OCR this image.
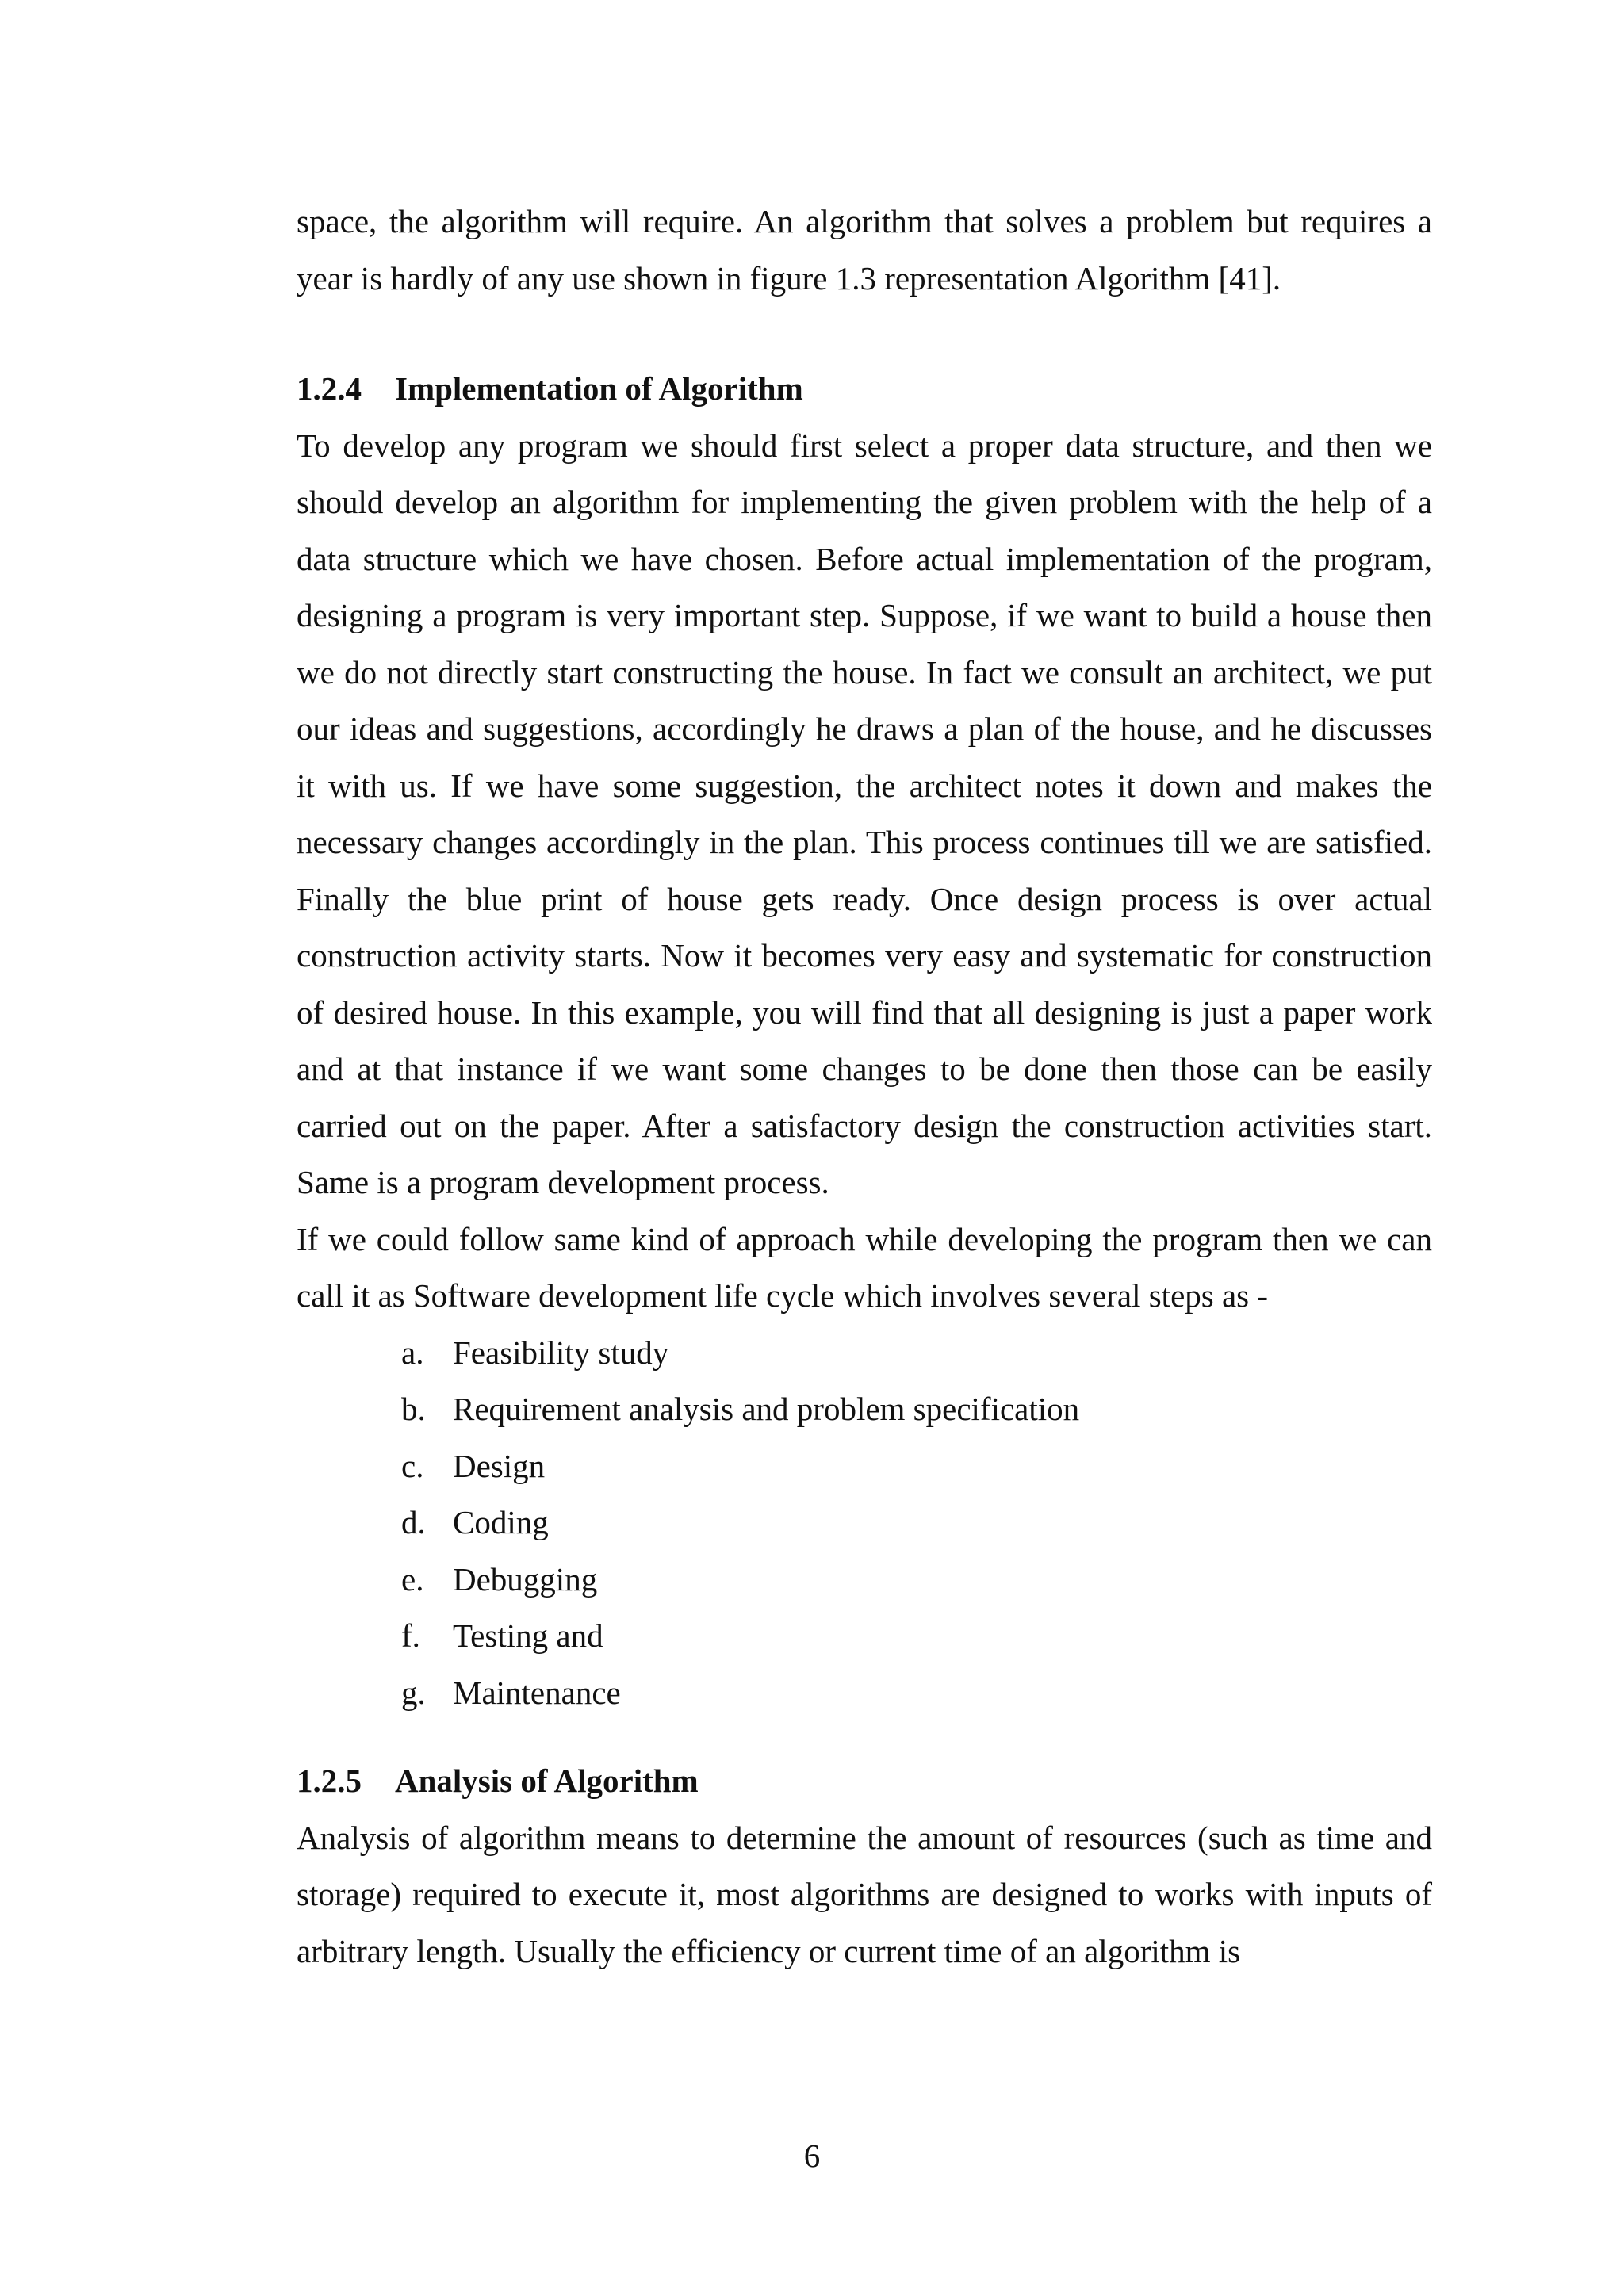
space, the algorithm will require. An algorithm that solves a problem but requires a year is hardly of any use shown in figure 1.3 representation Algorithm [41].

1.2.4 Implementation of Algorithm

To develop any program we should first select a proper data structure, and then we should develop an algorithm for implementing the given problem with the help of a data structure which we have chosen. Before actual implementation of the program, designing a program is very important step. Suppose, if we want to build a house then we do not directly start constructing the house. In fact we consult an architect, we put our ideas and suggestions, accordingly he draws a plan of the house, and he discusses it with us. If we have some suggestion, the architect notes it down and makes the necessary changes accordingly in the plan. This process continues till we are satisfied. Finally the blue print of house gets ready. Once design process is over actual construction activity starts. Now it becomes very easy and systematic for construction of desired house. In this example, you will find that all designing is just a paper work and at that instance if we want some changes to be done then those can be easily carried out on the paper. After a satisfactory design the construction activities start. Same is a program development process.

If we could follow same kind of approach while developing the program then we can call it as Software development life cycle which involves several steps as -

a. Feasibility study
b. Requirement analysis and problem specification
c. Design
d. Coding
e. Debugging
f.	Testing and
g. Maintenance
1.2.5 Analysis of Algorithm

Analysis of algorithm means to determine the amount of resources (such as time and storage) required to execute it, most algorithms are designed to works with inputs of arbitrary length. Usually the efficiency or current time of an algorithm is

6
